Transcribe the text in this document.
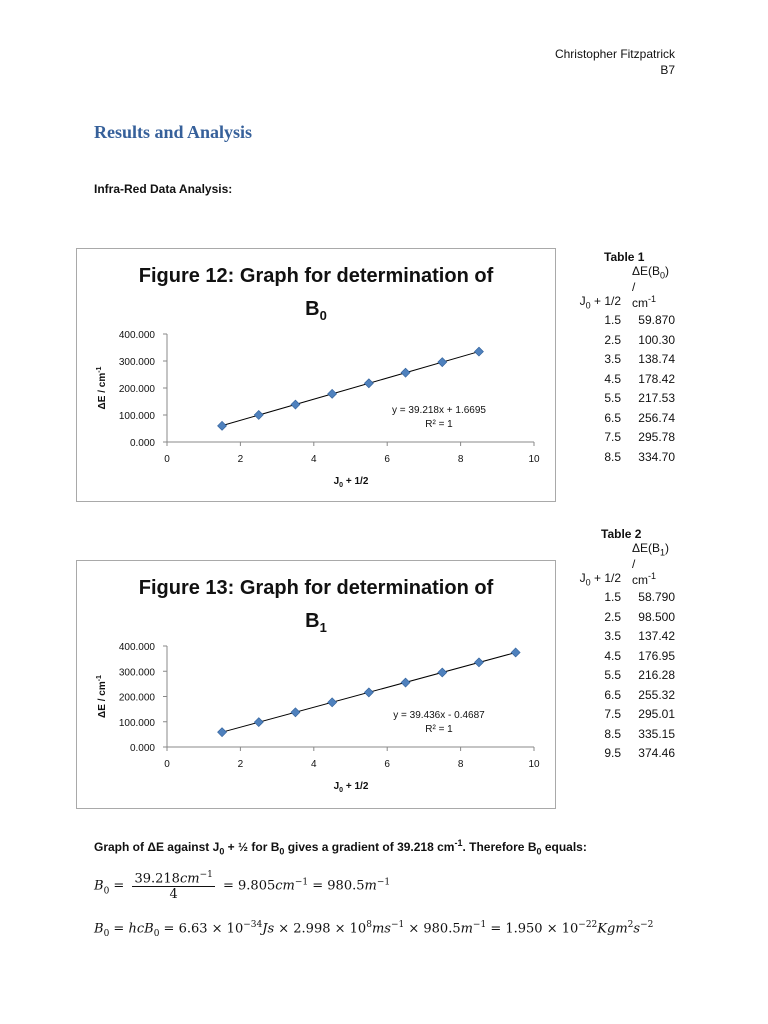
Christopher Fitzpatrick
B7
Results and Analysis
Infra-Red Data Analysis:
Figure 12: Graph for determination of
$B_0$
0.000
100.000
200.000
300.000
400.000
0	2	4	6	8	10
$J_0 + 1/2$
ΔE / $cm^{-1}$
y = 39.218x + 1.6695
R² = 1
Figure 13: Graph for determination of
$B_1$
0.000
100.000
200.000
300.000
400.000
0	2	4	6	8	10
$J_0 + 1/2$
ΔE / $cm^{-1}$
y = 39.436x - 0.4687
R² = 1
Table 1
$J_0 + 1/2$	$\Delta E(B_0)$ /
$cm^{-1}$
1.5	59.870
2.5	100.30
3.5	138.74
4.5	178.42
5.5	217.53
6.5	256.74
7.5	295.78
8.5	334.70
Table 2
$J_0 + 1/2$	$\Delta E(B_1)$ /
$cm^{-1}$
1.5	58.790
2.5	98.500
3.5	137.42
4.5	176.95
5.5	216.28
6.5	255.32
7.5	295.01
8.5	335.15
9.5	374.46
Graph of ΔE against $J_0$ + ½ for $B_0$ gives a gradient of 39.218 $cm^{-1}$. Therefore $B_0$ equals:
$B_0 = \frac{39.218cm^{-1}}{4} = 9.805cm^{-1} = 980.5m^{-1}$
$B_0 = hcB_0 = 6.63 \times 10^{-34}Js \times 2.998 \times 10^8ms^{-1} \times 980.5m^{-1} = 1.950 \times 10^{-22}Kgm^2s^{-2}$
